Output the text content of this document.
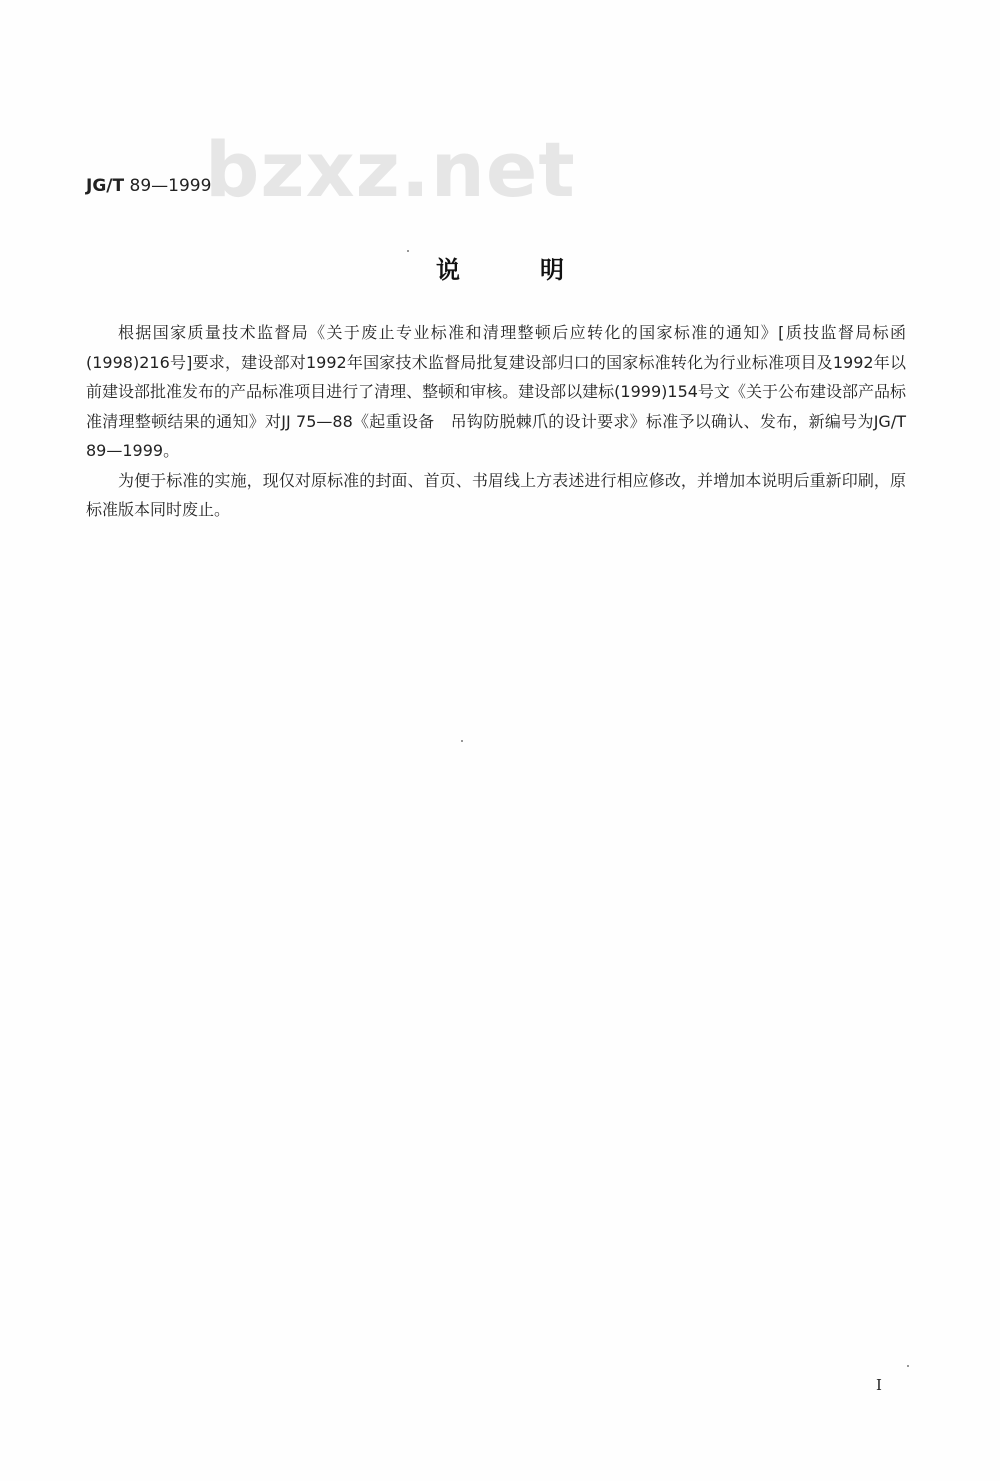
bzxz.net
JG/T 89—1999
说明

根据国家质量技术监督局《关于废止专业标准和清理整顿后应转化的国家标准的通知》[质技监督局标函(1998)216号]要求，建设部对1992年国家技术监督局批复建设部归口的国家标准转化为行业标准项目及1992年以前建设部批准发布的产品标准项目进行了清理、整顿和审核。建设部以建标(1999)154号文《关于公布建设部产品标准清理整顿结果的通知》对JJ 75—88《起重设备　吊钩防脱棘爪的设计要求》标准予以确认、发布，新编号为JG/T 89—1999。

为便于标准的实施，现仅对原标准的封面、首页、书眉线上方表述进行相应修改，并增加本说明后重新印刷，原标准版本同时废止。

I
